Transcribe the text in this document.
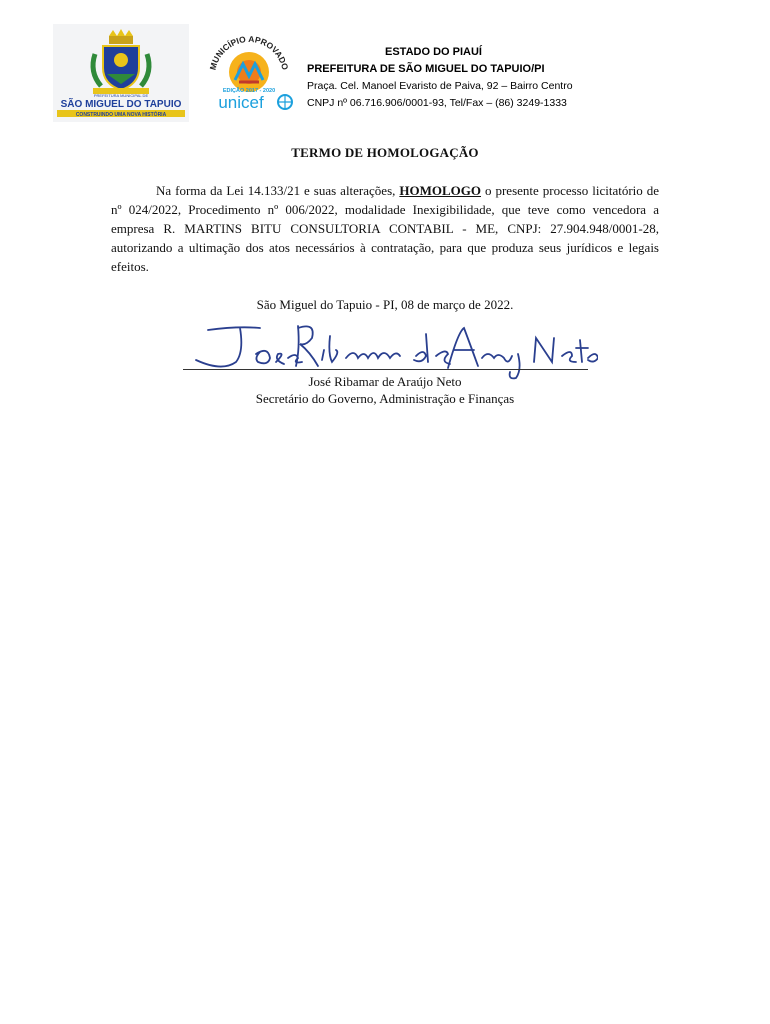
PREFEITURA MUNICIPAL DE
SÃO MIGUEL DO TAPUIO
CONSTRUINDO UMA NOVA HISTÓRIA
MUNICÍPIO APROVADO
EDIÇÃO 2017 - 2020
unicef
ESTADO DO PIAUÍ
PREFEITURA DE SÃO MIGUEL DO TAPUIO/PI
Praça. Cel. Manoel Evaristo de Paiva, 92 – Bairro Centro
CNPJ nº 06.716.906/0001-93, Tel/Fax – (86) 3249-1333
TERMO DE HOMOLOGAÇÃO
Na forma da Lei 14.133/21 e suas alterações, HOMOLOGO o presente processo licitatório de nº 024/2022, Procedimento nº 006/2022, modalidade Inexigibilidade, que teve como vencedora a empresa R. MARTINS BITU CONSULTORIA CONTABIL - ME, CNPJ: 27.904.948/0001-28, autorizando a ultimação dos atos necessários à contratação, para que produza seus jurídicos e legais efeitos.
São Miguel do Tapuio - PI, 08 de março de 2022.
José Ribamar de Araújo Neto
Secretário do Governo, Administração e Finanças
